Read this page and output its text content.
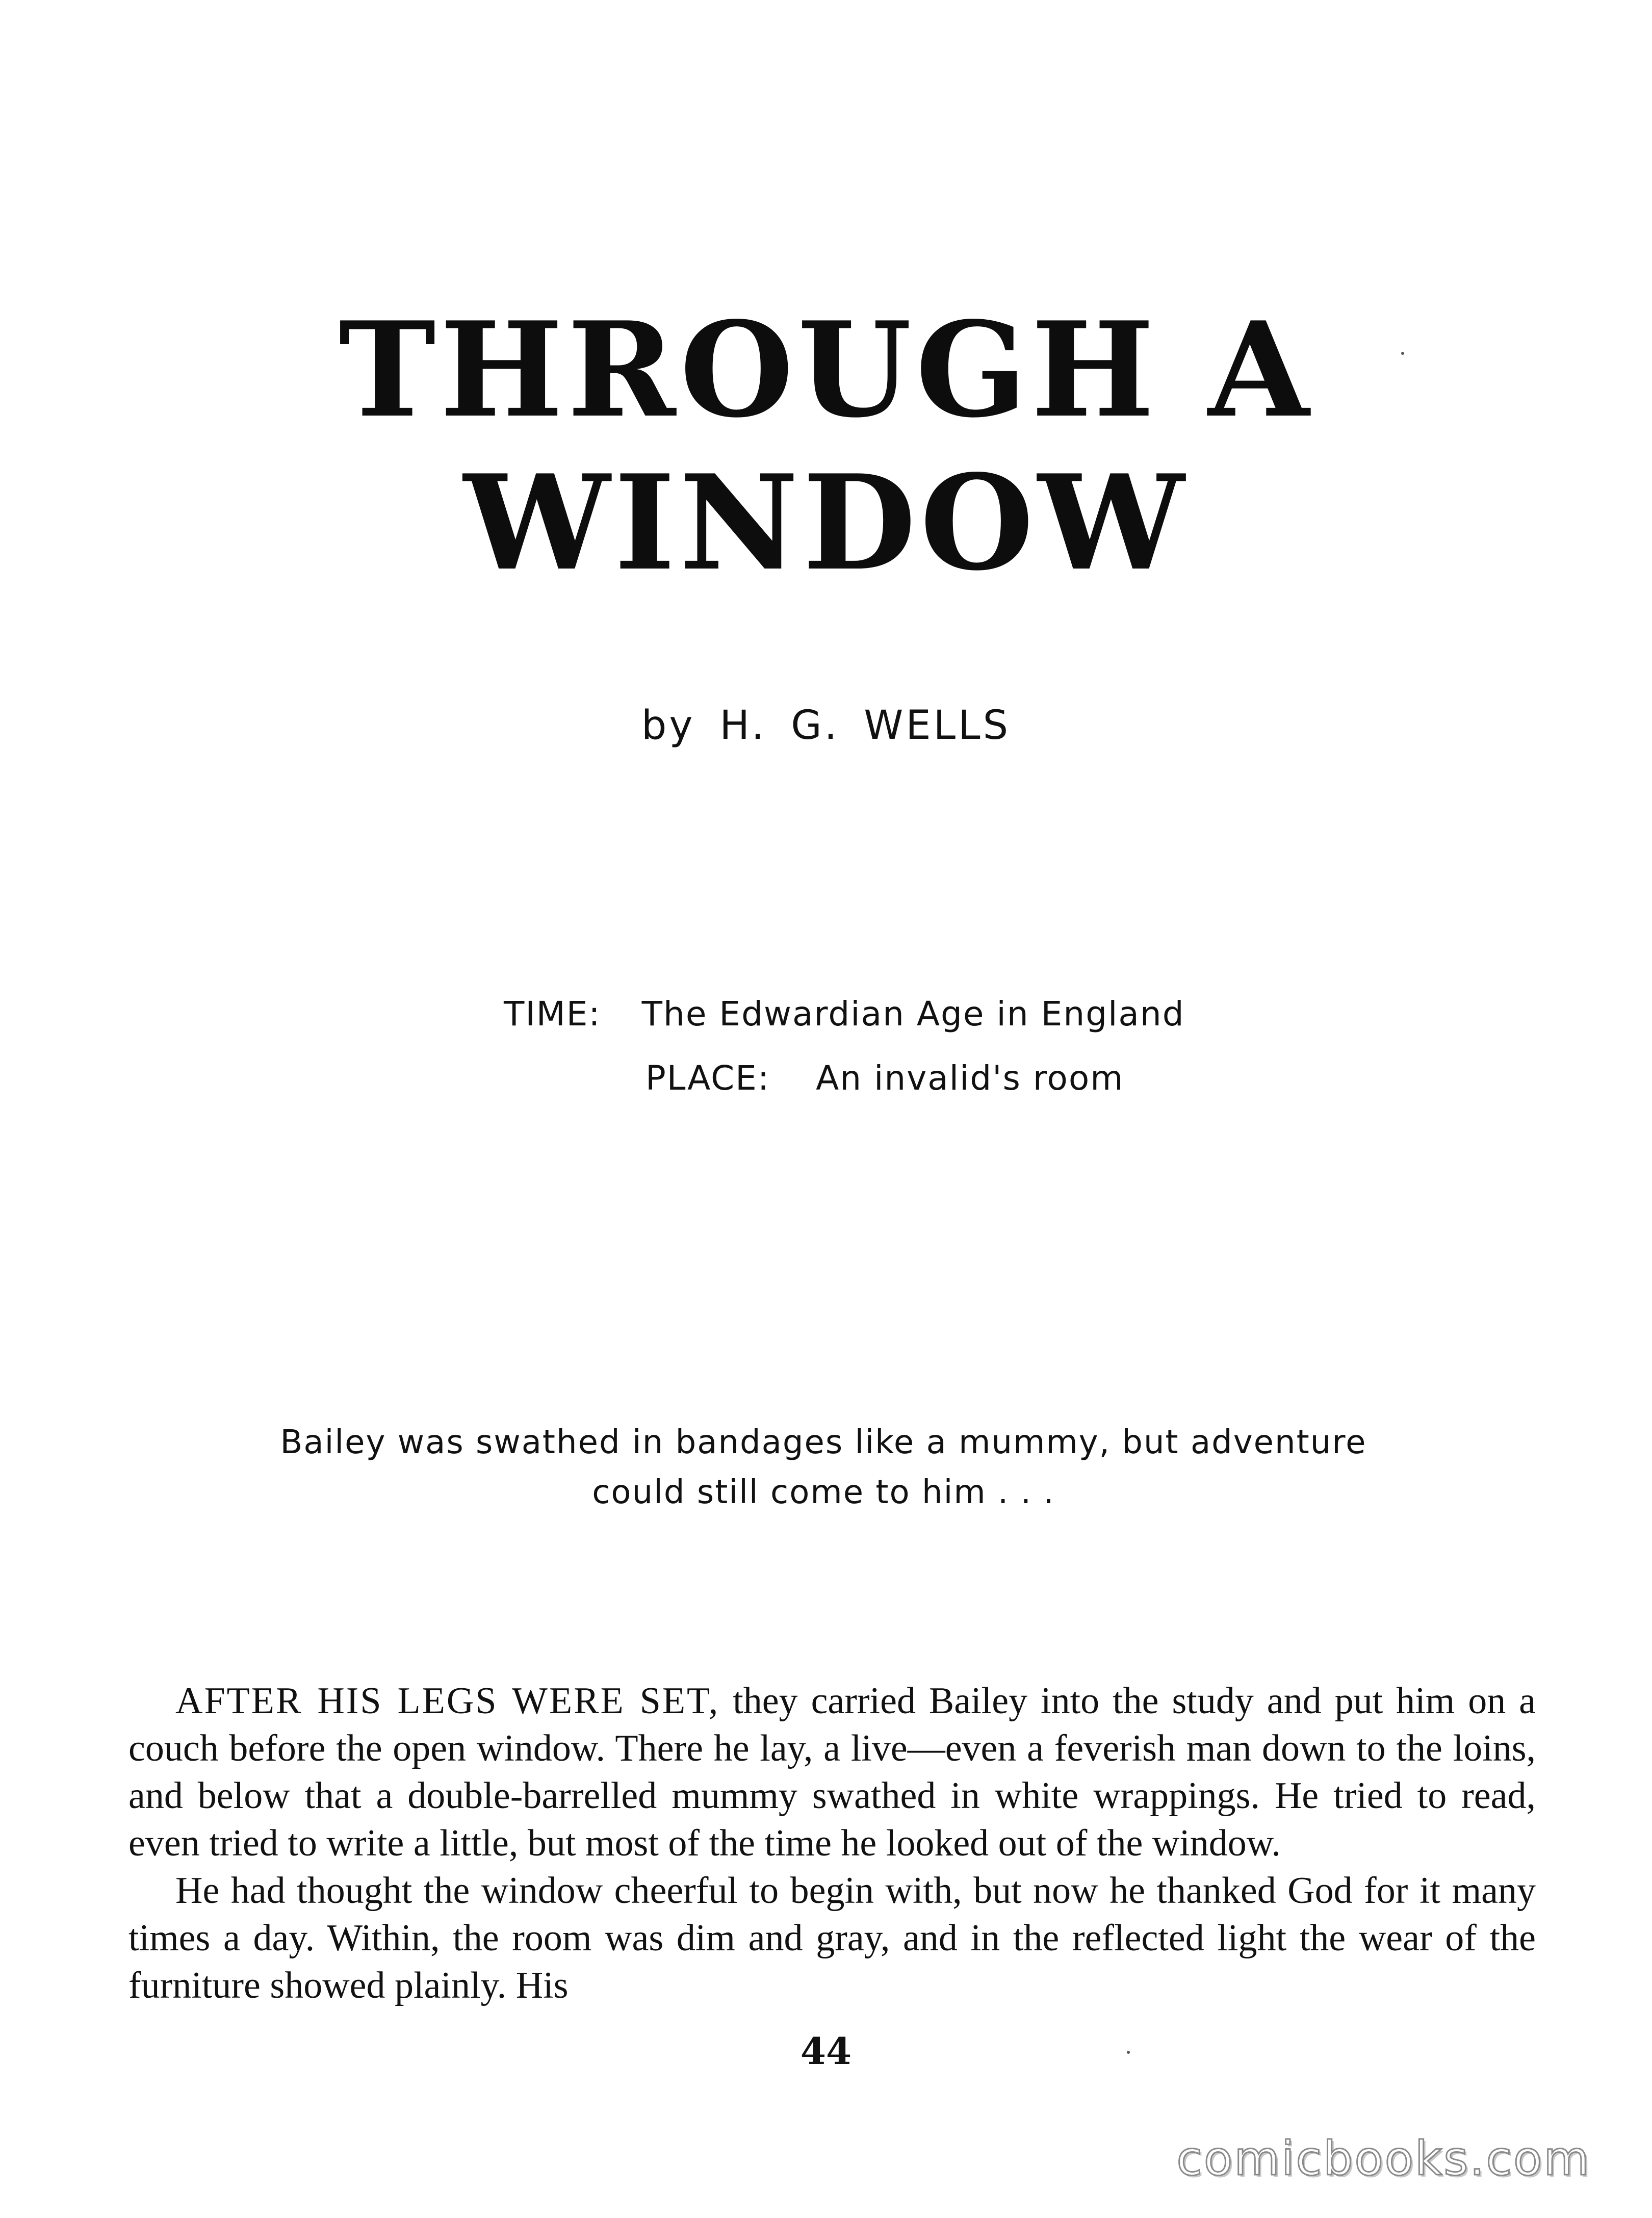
THROUGH A
WINDOW
by H. G. WELLS
TIME: The Edwardian Age in England
PLACE: An invalid's room
Bailey was swathed in bandages like a mummy, but adventure
could still come to him . . .

AFTER HIS LEGS WERE SET, they carried Bailey into the study and put him on a couch before the open window. There he lay, a live—even a feverish man down to the loins, and below that a double-barrelled mummy swathed in white wrappings. He tried to read, even tried to write a little, but most of the time he looked out of the window.

He had thought the window cheerful to begin with, but now he thanked God for it many times a day. Within, the room was dim and gray, and in the reflected light the wear of the furniture showed plainly. His

44
comicbooks.com
